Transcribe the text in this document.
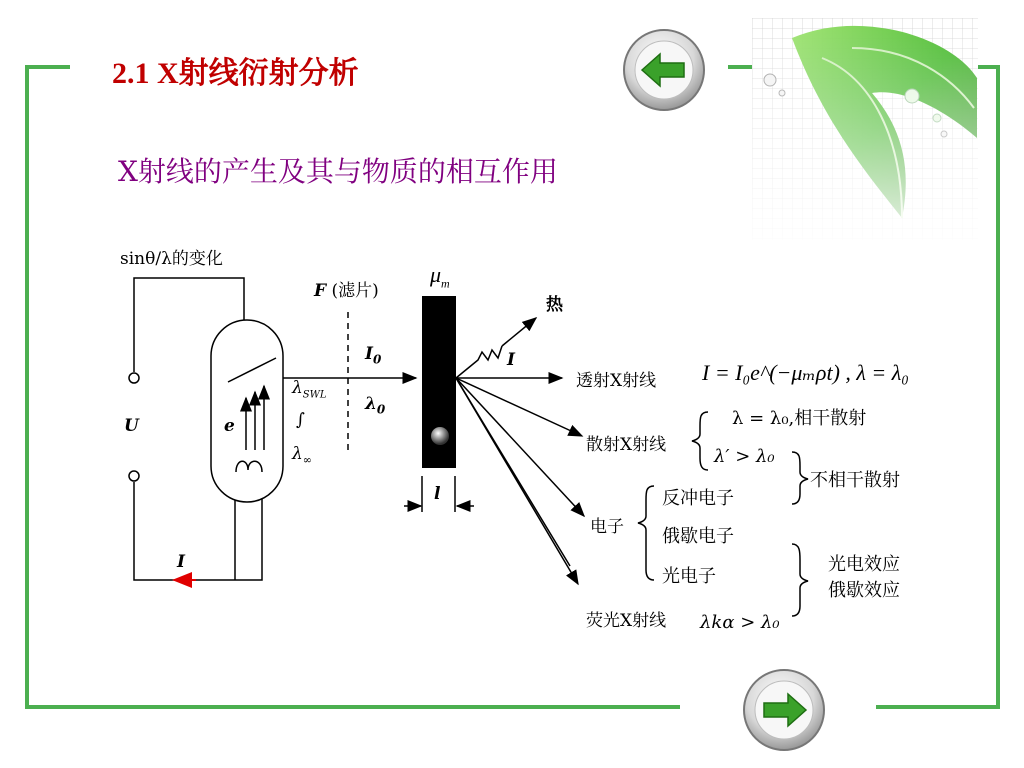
2.1 X射线衍射分析
X射线的产生及其与物质的相互作用
sinθ/λ的变化
F (滤片)
$\mu_m$
热
$I_0$
$\lambda_0$
I
U	e
I
l
$\lambda_{SWL}$
∫
$\lambda_\infty$
透射X射线 I = I₀e^(−μₘρt) , λ = λ₀
散射X射线
λ = λ₀,相干散射
λ′ > λ₀
不相干散射
电子
反冲电子
俄歇电子
光电子
光电效应
俄歇效应
荧光X射线 λkα > λ₀
